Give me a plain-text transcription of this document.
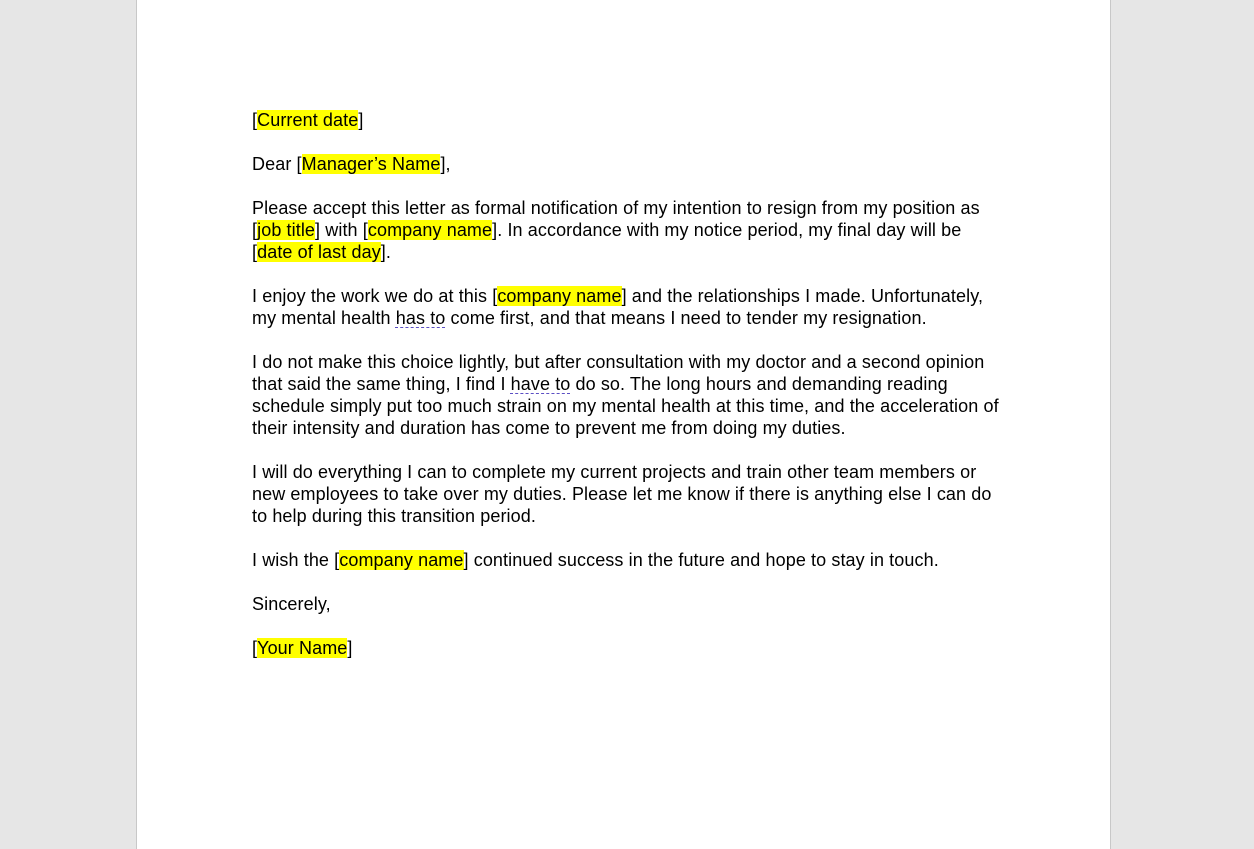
[Current date]

Dear [Manager’s Name],

Please accept this letter as formal notification of my intention to resign from my position as [job title] with [company name]. In accordance with my notice period, my final day will be [date of last day].

I enjoy the work we do at this [company name] and the relationships I made. Unfortunately, my mental health has to come first, and that means I need to tender my resignation.

I do not make this choice lightly, but after consultation with my doctor and a second opinion that said the same thing, I find I have to do so. The long hours and demanding reading schedule simply put too much strain on my mental health at this time, and the acceleration of their intensity and duration has come to prevent me from doing my duties.

I will do everything I can to complete my current projects and train other team members or new employees to take over my duties. Please let me know if there is anything else I can do to help during this transition period.

I wish the [company name] continued success in the future and hope to stay in touch.

Sincerely,

[Your Name]
